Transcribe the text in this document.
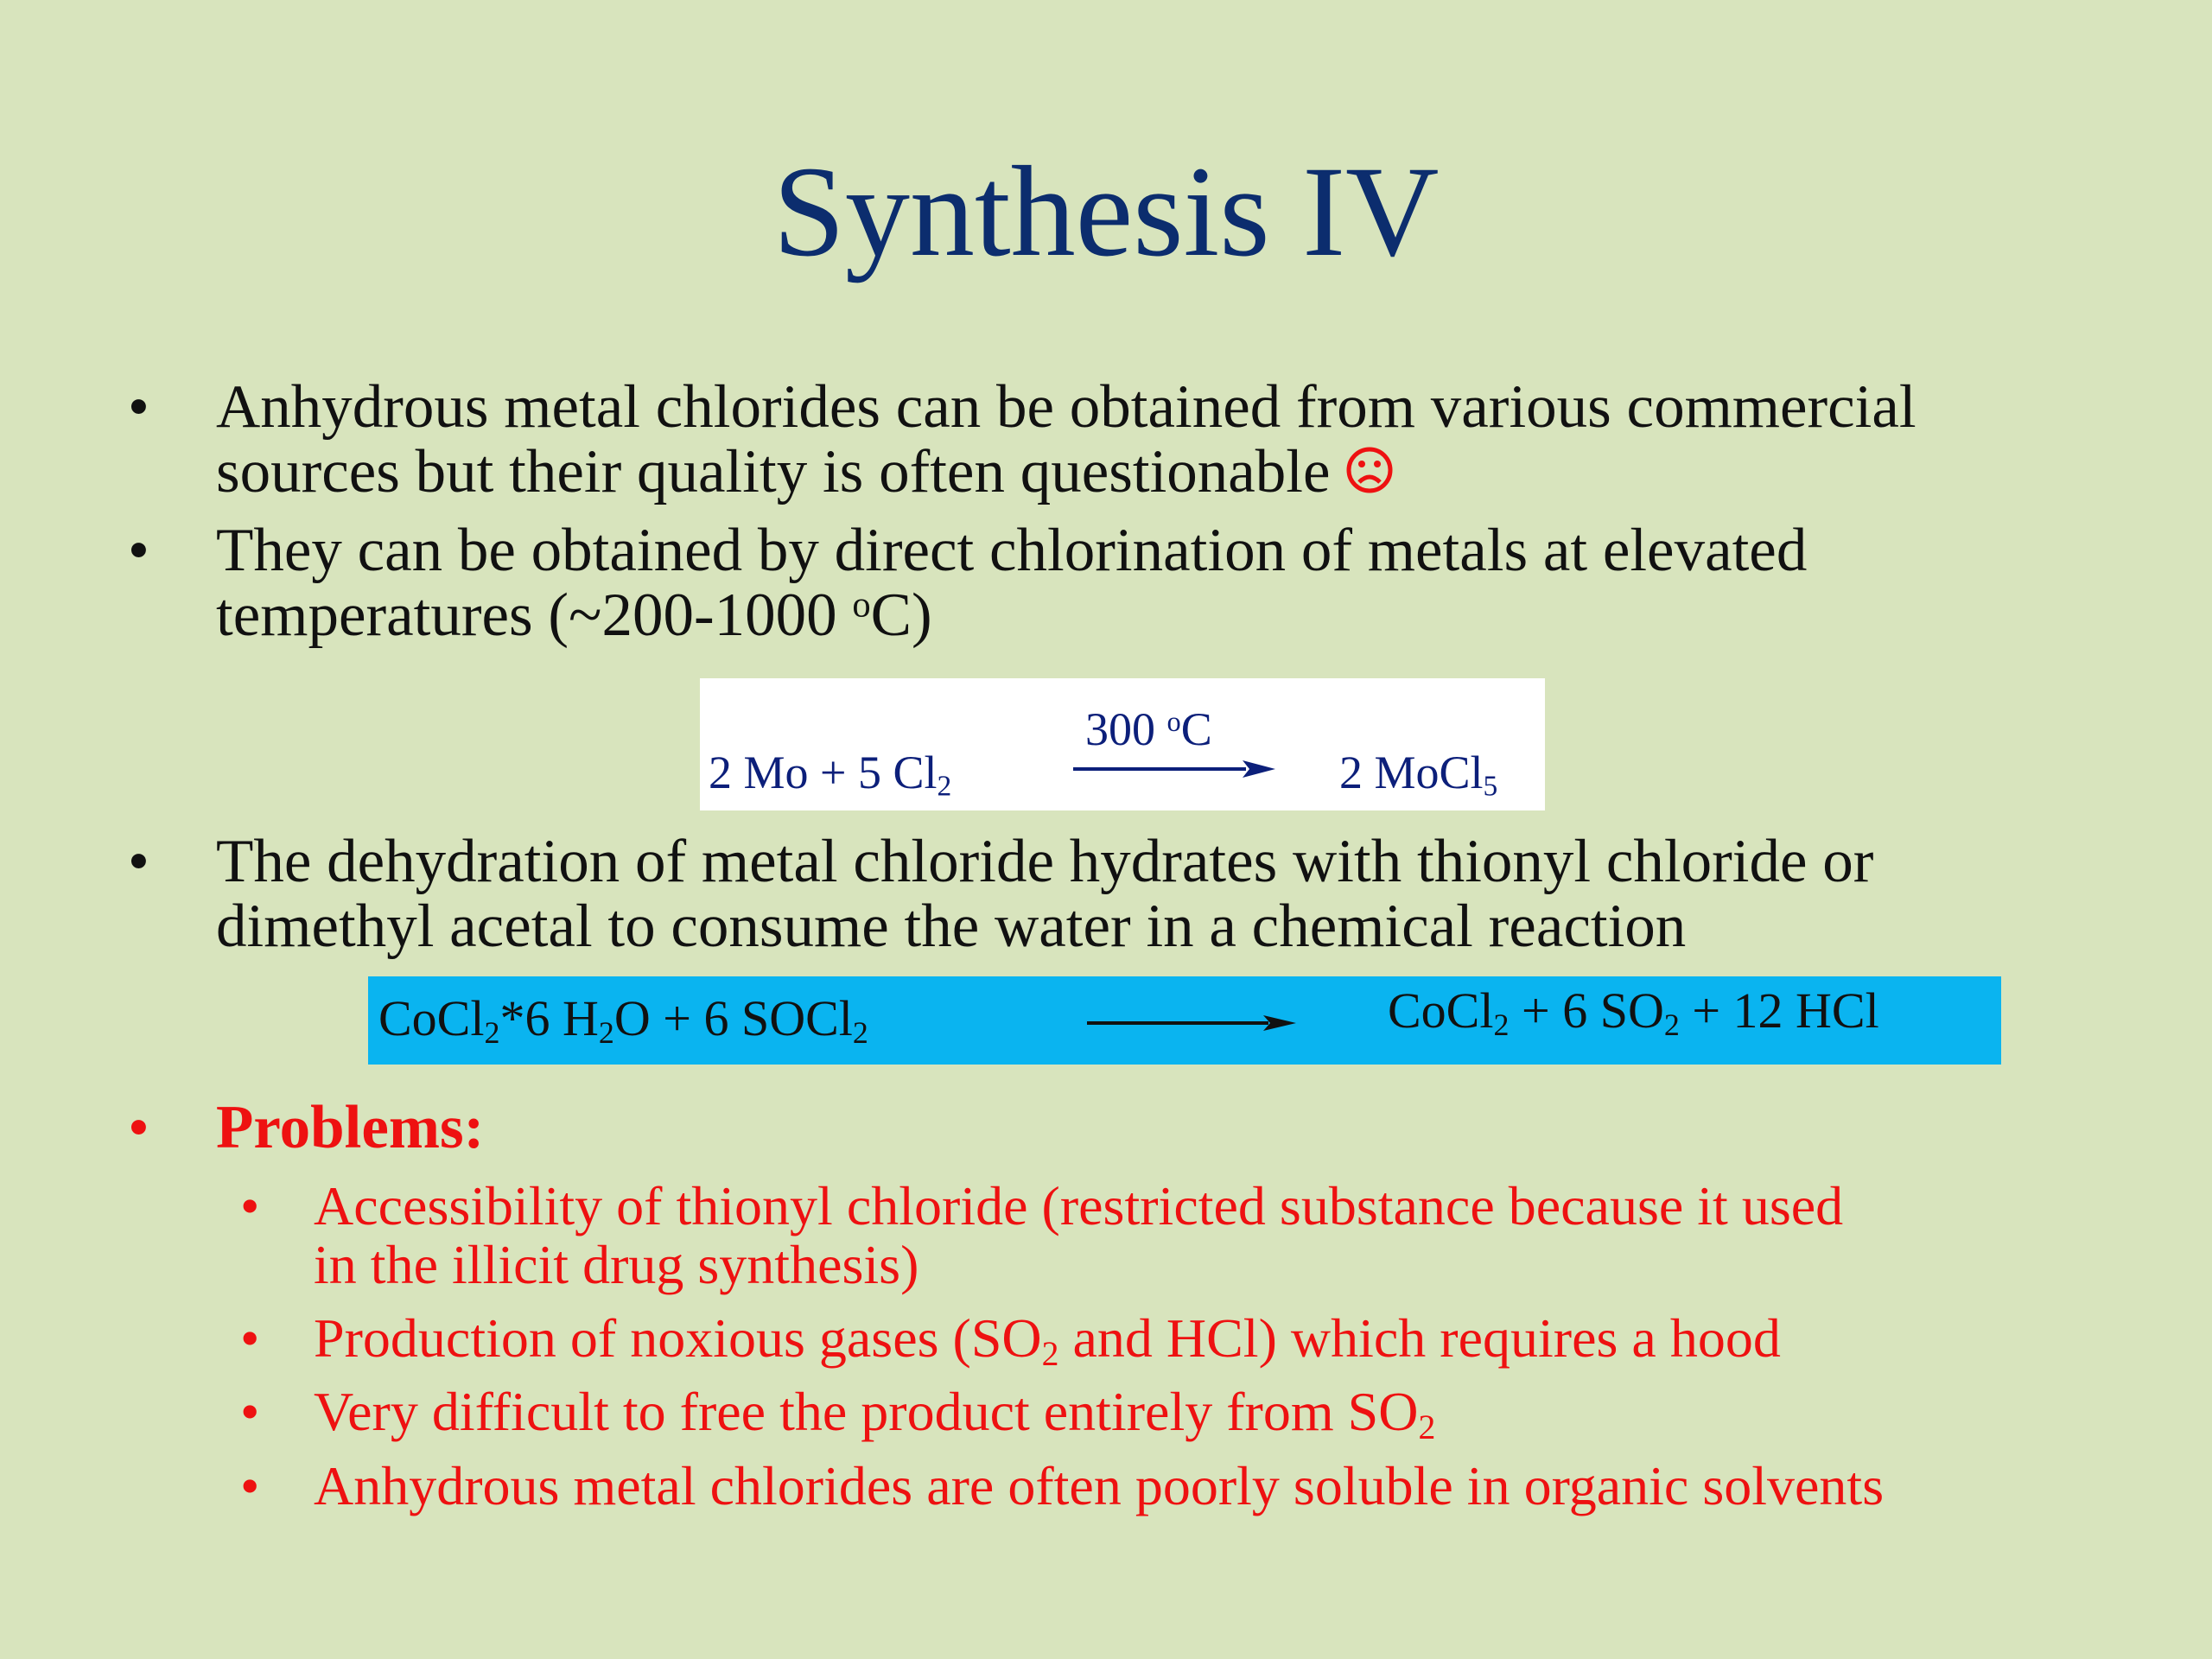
Synthesis IV
•	Anhydrous metal chlorides can be obtained from various commercial
sources but their quality is often questionable
•	They can be obtained by direct chlorination of metals at elevated
temperatures (~200-1000 $^o$C)
2 Mo + 5 $Cl_2$
300 $^o$C
2 MoCl$_5$
•	The dehydration of metal chloride hydrates with thionyl chloride or
dimethyl acetal to consume the water in a chemical reaction
CoCl$_2$*6 $H_2O + 6$ SOCl$_2$	CoCl$_2$ + 6 $SO_2 + 12$ HCl
•	Problems:
• Accessibility of thionyl chloride (restricted substance because it used
in the illicit drug synthesis)
• Production of noxious gases ($SO_2$ and HCl) which requires a hood
• Very difficult to free the product entirely from $SO_2$
• Anhydrous metal chlorides are often poorly soluble in organic solvents
